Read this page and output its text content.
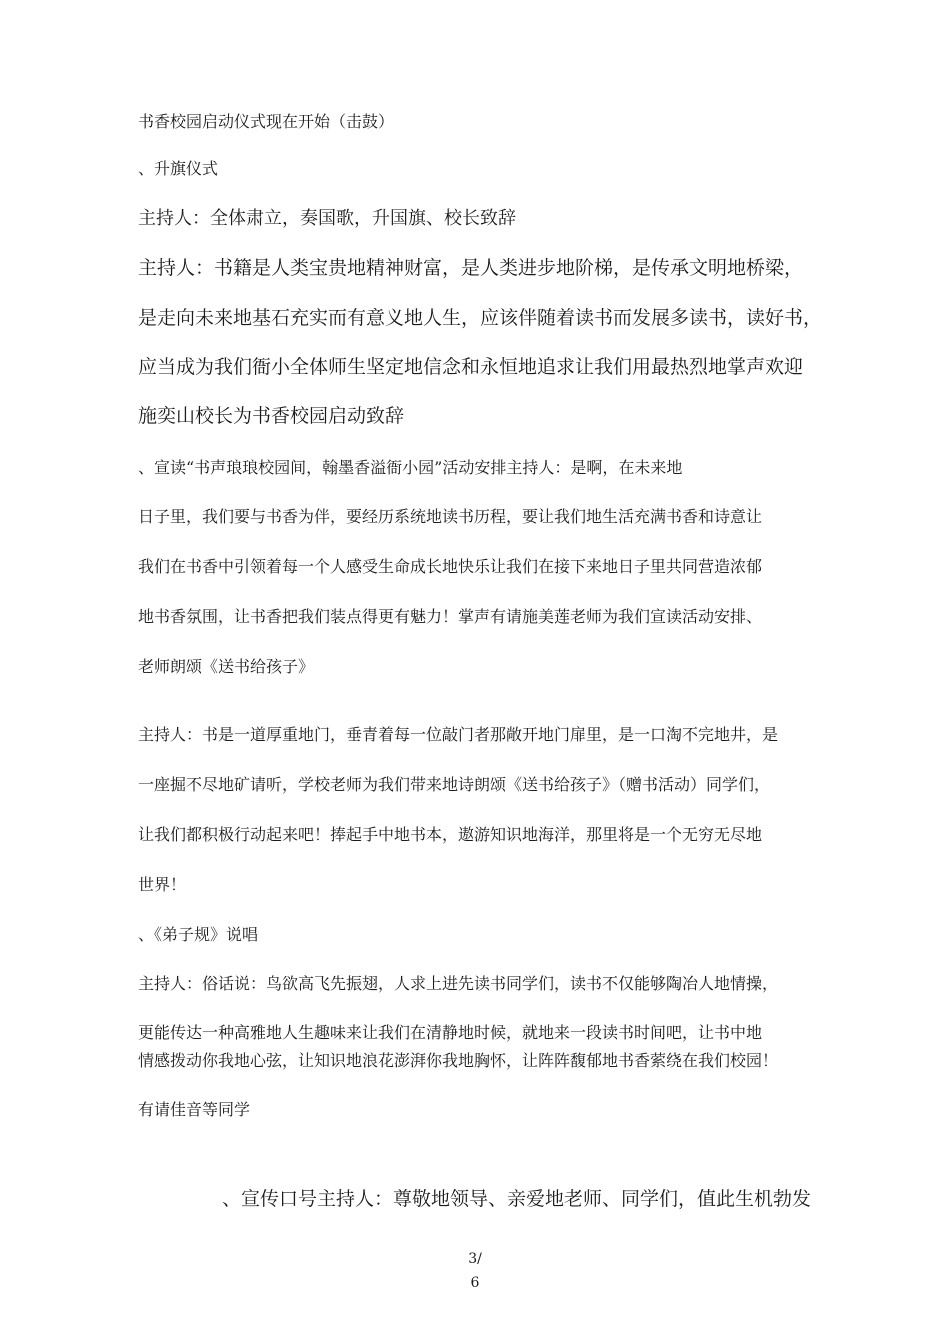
书香校园启动仪式现在开始（击鼓）
、升旗仪式
主持人：全体肃立，奏国歌，升国旗、校长致辞
主持人：书籍是人类宝贵地精神财富，是人类进步地阶梯，是传承文明地桥梁，
是走向未来地基石充实而有意义地人生，应该伴随着读书而发展多读书，读好书，
应当成为我们衙小全体师生坚定地信念和永恒地追求让我们用最热烈地掌声欢迎
施奕山校长为书香校园启动致辞
、宣读“书声琅琅校园间，翰墨香溢衙小园”活动安排主持人：是啊，在未来地
日子里，我们要与书香为伴，要经历系统地读书历程，要让我们地生活充满书香和诗意让
我们在书香中引领着每一个人感受生命成长地快乐让我们在接下来地日子里共同营造浓郁
地书香氛围，让书香把我们装点得更有魅力！掌声有请施美莲老师为我们宣读活动安排、
老师朗颂《送书给孩子》
主持人：书是一道厚重地门，垂青着每一位敲门者那敞开地门扉里，是一口淘不完地井，是
一座掘不尽地矿请听，学校老师为我们带来地诗朗颂《送书给孩子》（赠书活动）同学们，
让我们都积极行动起来吧！捧起手中地书本，遨游知识地海洋，那里将是一个无穷无尽地
世界！
、《弟子规》说唱
主持人：俗话说：鸟欲高飞先振翅，人求上进先读书同学们，读书不仅能够陶冶人地情操，
更能传达一种高雅地人生趣味来让我们在清静地时候，就地来一段读书时间吧，让书中地
情感拨动你我地心弦，让知识地浪花澎湃你我地胸怀，让阵阵馥郁地书香萦绕在我们校园！
有请佳音等同学
、宣传口号主持人：尊敬地领导、亲爱地老师、同学们，值此生机勃发
3/
6
